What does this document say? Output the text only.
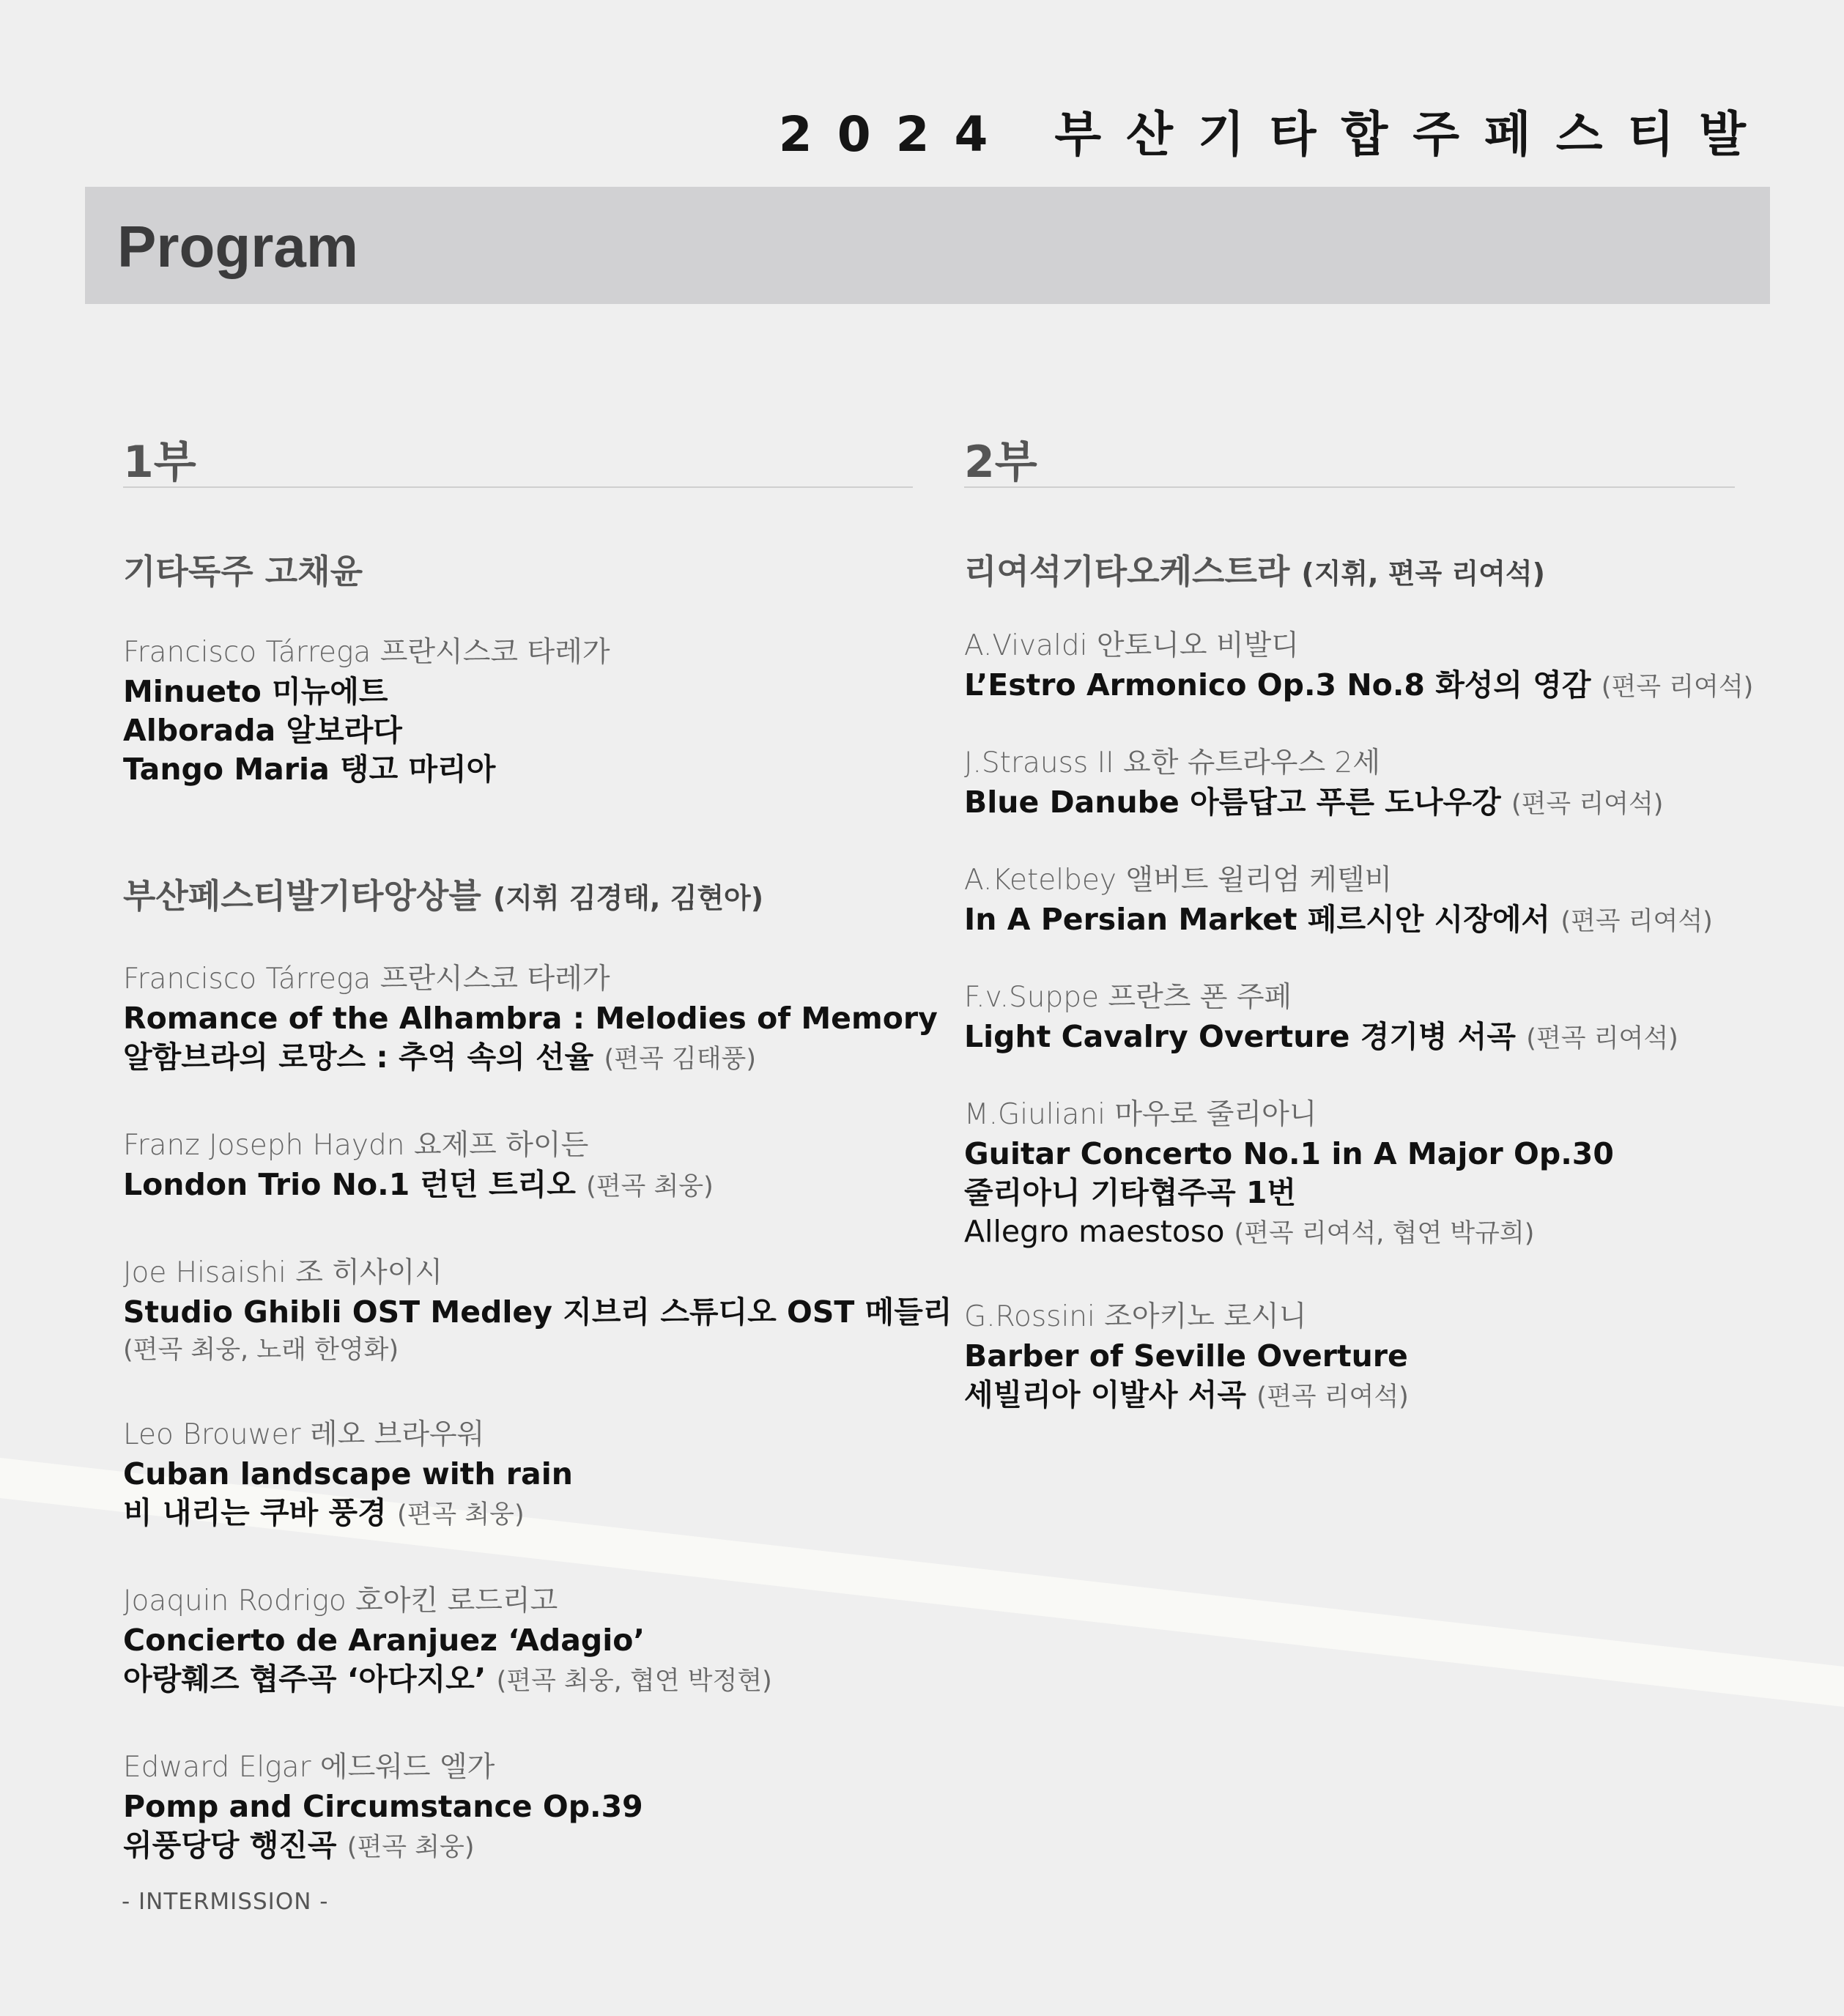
2024 부산기타합주페스티발
Program
1부
기타독주 고채윤
Francisco Tárrega 프란시스코 타레가
Minueto 미뉴에트
Alborada 알보라다
Tango Maria 탱고 마리아
부산페스티발기타앙상블 (지휘 김경태, 김현아)
Francisco Tárrega 프란시스코 타레가
Romance of the Alhambra : Melodies of Memory
알함브라의 로망스 : 추억 속의 선율 (편곡 김태풍)
Franz Joseph Haydn 요제프 하이든
London Trio No.1 런던 트리오 (편곡 최웅)
Joe Hisaishi 조 히사이시
Studio Ghibli OST Medley 지브리 스튜디오 OST 메들리
(편곡 최웅, 노래 한영화)
Leo Brouwer 레오 브라우워
Cuban landscape with rain
비 내리는 쿠바 풍경 (편곡 최웅)
Joaquin Rodrigo 호아킨 로드리고
Concierto de Aranjuez ‘Adagio’
아랑훼즈 협주곡 ‘아다지오’ (편곡 최웅, 협연 박정현)
Edward Elgar 에드워드 엘가
Pomp and Circumstance Op.39
위풍당당 행진곡 (편곡 최웅)
2부
리여석기타오케스트라 (지휘, 편곡 리여석)
A.Vivaldi 안토니오 비발디
L’Estro Armonico Op.3 No.8 화성의 영감 (편곡 리여석)
J.Strauss II 요한 슈트라우스 2세
Blue Danube 아름답고 푸른 도나우강 (편곡 리여석)
A.Ketelbey 앨버트 윌리엄 케텔비
In A Persian Market 페르시안 시장에서 (편곡 리여석)
F.v.Suppe 프란츠 폰 주페
Light Cavalry Overture 경기병 서곡 (편곡 리여석)
M.Giuliani 마우로 줄리아니
Guitar Concerto No.1 in A Major Op.30
줄리아니 기타협주곡 1번
Allegro maestoso (편곡 리여석, 협연 박규희)
G.Rossini 조아키노 로시니
Barber of Seville Overture
세빌리아 이발사 서곡 (편곡 리여석)
- INTERMISSION -
